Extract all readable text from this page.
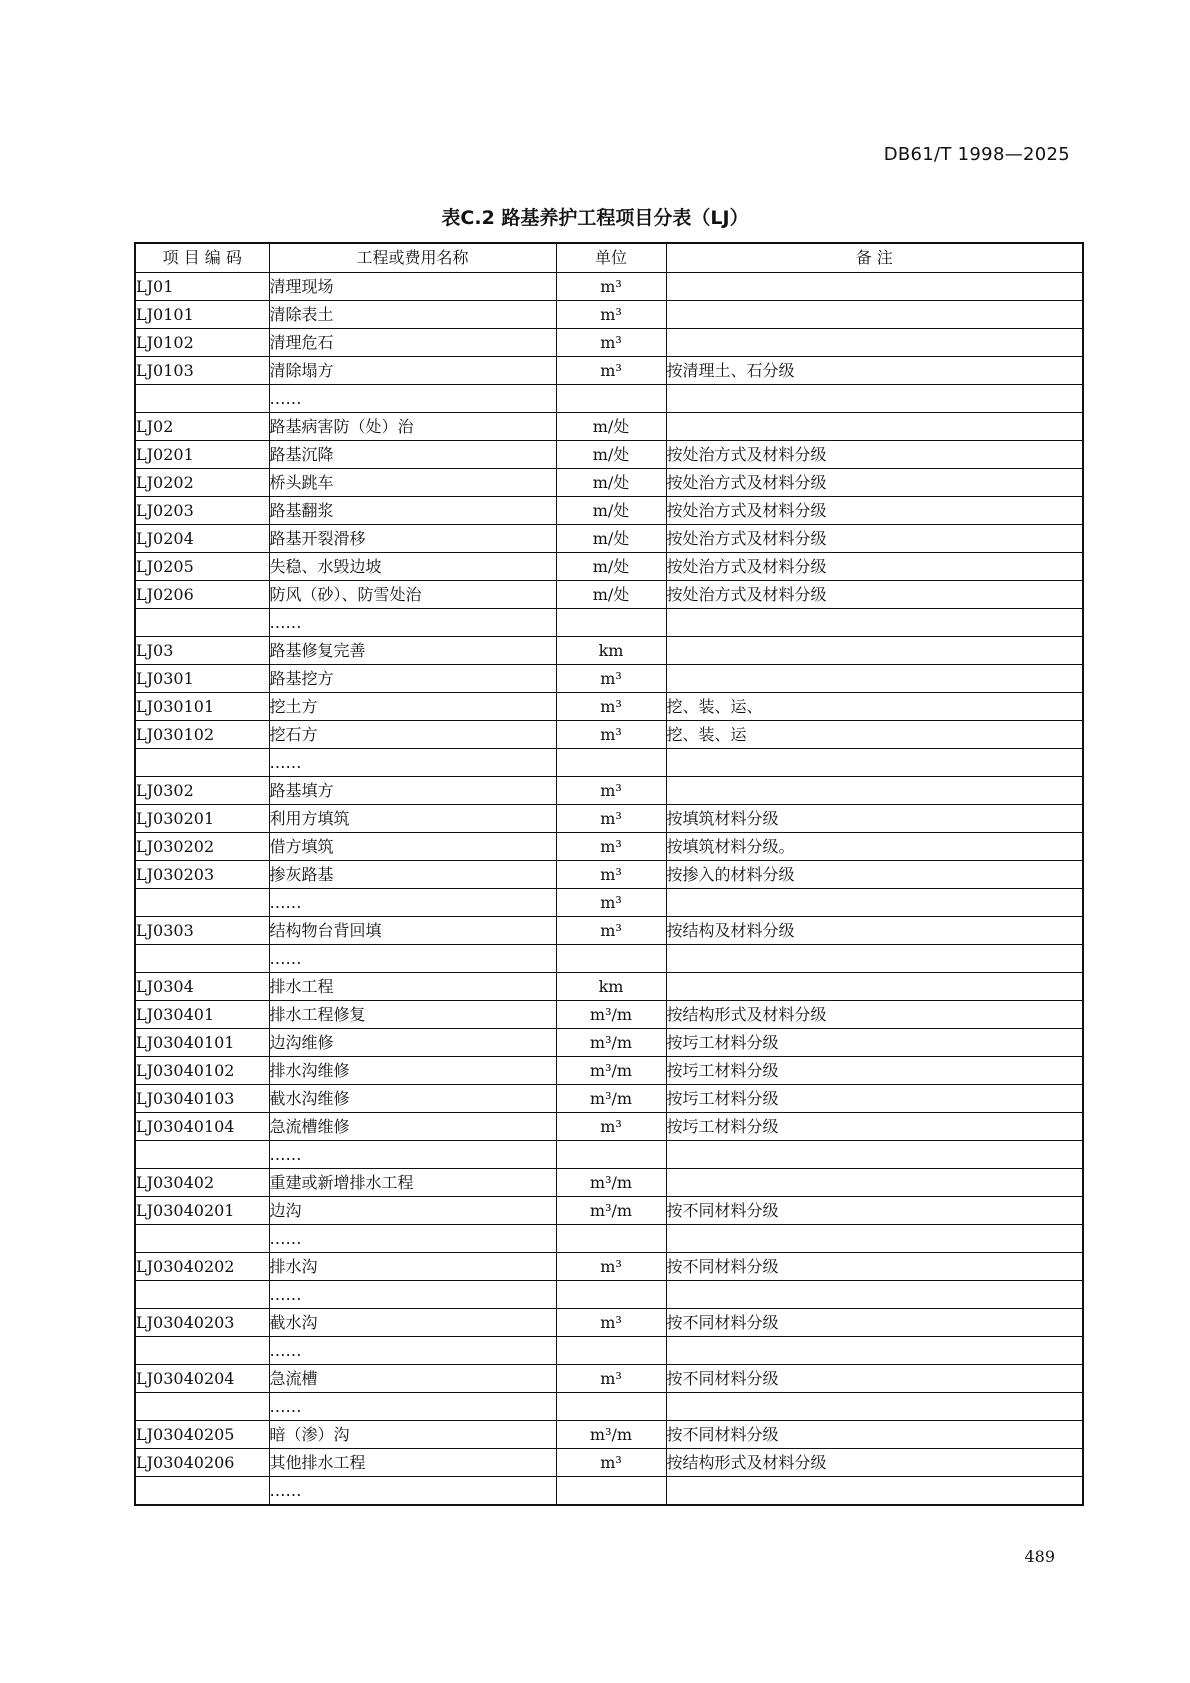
DB61/T 1998—2025
表C.2 路基养护工程项目分表（LJ）
项 目 编 码	工程或费用名称	单位	备 注
LJ01	清理现场	m³	
LJ0101	清除表土	m³	
LJ0102	清理危石	m³	
LJ0103	清除塌方	m³	按清理土、石分级
	……		
LJ02	路基病害防（处）治	m/处	
LJ0201	路基沉降	m/处	按处治方式及材料分级
LJ0202	桥头跳车	m/处	按处治方式及材料分级
LJ0203	路基翻浆	m/处	按处治方式及材料分级
LJ0204	路基开裂滑移	m/处	按处治方式及材料分级
LJ0205	失稳、水毁边坡	m/处	按处治方式及材料分级
LJ0206	防风（砂）、防雪处治	m/处	按处治方式及材料分级
	……		
LJ03	路基修复完善	km	
LJ0301	路基挖方	m³	
LJ030101	挖土方	m³	挖、装、运、
LJ030102	挖石方	m³	挖、装、运
	……		
LJ0302	路基填方	m³	
LJ030201	利用方填筑	m³	按填筑材料分级
LJ030202	借方填筑	m³	按填筑材料分级。
LJ030203	掺灰路基	m³	按掺入的材料分级
	……	m³	
LJ0303	结构物台背回填	m³	按结构及材料分级
	……		
LJ0304	排水工程	km	
LJ030401	排水工程修复	m³/m	按结构形式及材料分级
LJ03040101	边沟维修	m³/m	按圬工材料分级
LJ03040102	排水沟维修	m³/m	按圬工材料分级
LJ03040103	截水沟维修	m³/m	按圬工材料分级
LJ03040104	急流槽维修	m³	按圬工材料分级
	……		
LJ030402	重建或新增排水工程	m³/m	
LJ03040201	边沟	m³/m	按不同材料分级
	……		
LJ03040202	排水沟	m³	按不同材料分级
	……		
LJ03040203	截水沟	m³	按不同材料分级
	……		
LJ03040204	急流槽	m³	按不同材料分级
	……		
LJ03040205	暗（渗）沟	m³/m	按不同材料分级
LJ03040206	其他排水工程	m³	按结构形式及材料分级
	……		
489
